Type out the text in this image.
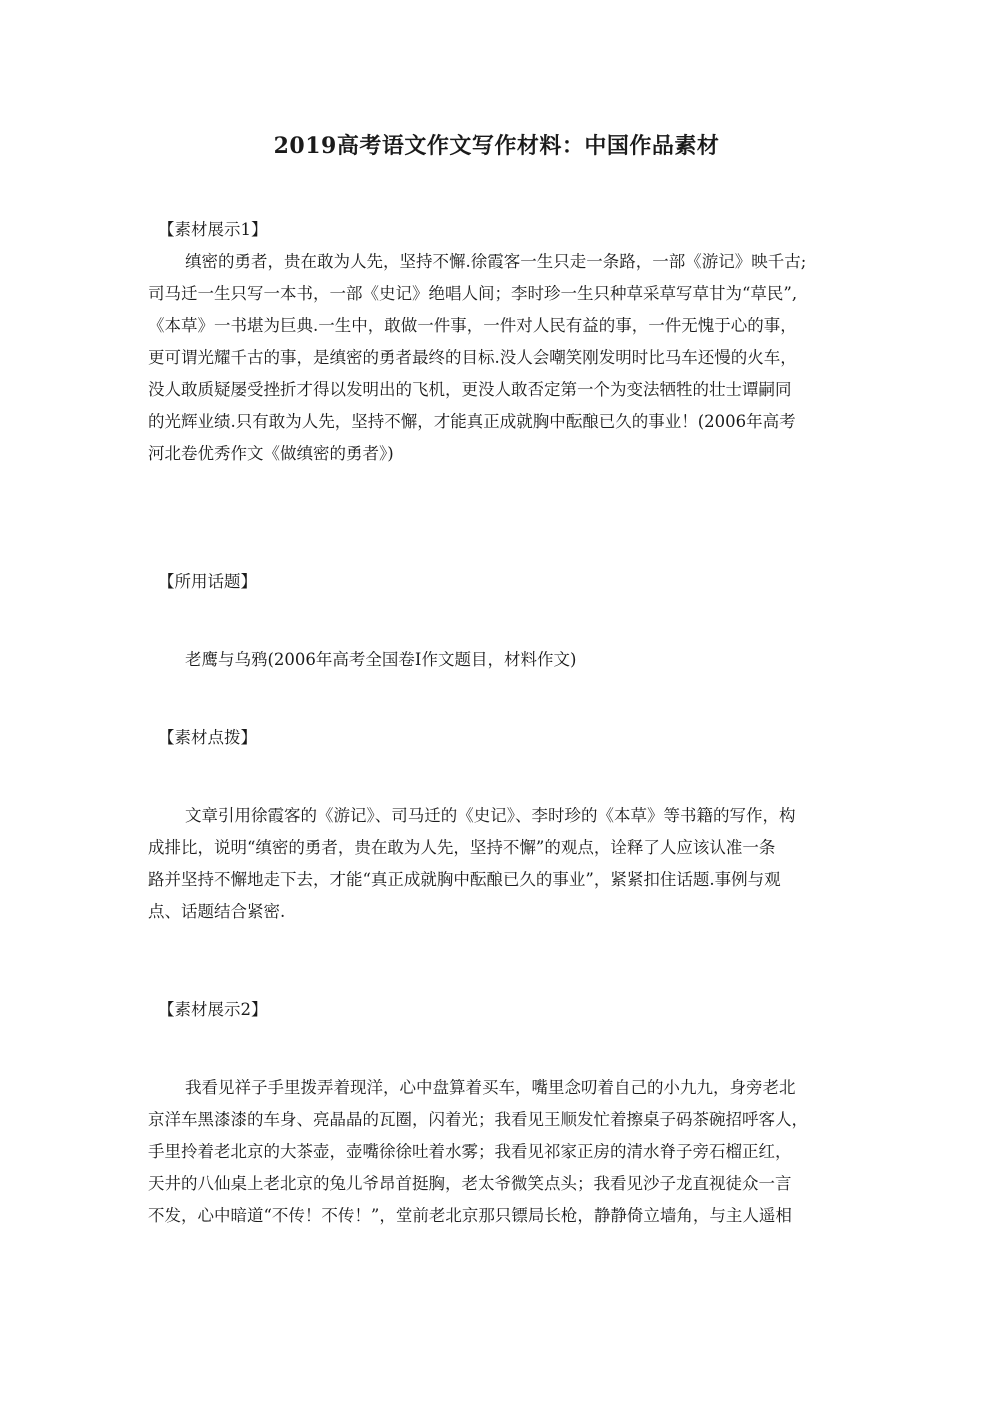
2019高考语文作文写作材料：中国作品素材
【素材展示1】
缜密的勇者，贵在敢为人先，坚持不懈.徐霞客一生只走一条路，一部《游记》映千古;
司马迁一生只写一本书，一部《史记》绝唱人间；李时珍一生只种草采草写草甘为“草民”,
《本草》一书堪为巨典.一生中，敢做一件事，一件对人民有益的事，一件无愧于心的事，
更可谓光耀千古的事，是缜密的勇者最终的目标.没人会嘲笑刚发明时比马车还慢的火车，
没人敢质疑屡受挫折才得以发明出的飞机，更没人敢否定第一个为变法牺牲的壮士谭嗣同
的光辉业绩.只有敢为人先，坚持不懈，才能真正成就胸中酝酿已久的事业！(2006年高考
河北卷优秀作文《做缜密的勇者》)
【所用话题】
老鹰与乌鸦(2006年高考全国卷Ⅰ作文题目，材料作文)
【素材点拨】
文章引用徐霞客的《游记》、司马迁的《史记》、李时珍的《本草》等书籍的写作，构
成排比，说明“缜密的勇者，贵在敢为人先，坚持不懈”的观点，诠释了人应该认准一条
路并坚持不懈地走下去，才能“真正成就胸中酝酿已久的事业”，紧紧扣住话题.事例与观
点、话题结合紧密.
【素材展示2】
我看见祥子手里拨弄着现洋，心中盘算着买车，嘴里念叨着自己的小九九，身旁老北
京洋车黑漆漆的车身、亮晶晶的瓦圈，闪着光；我看见王顺发忙着擦桌子码茶碗招呼客人，
手里拎着老北京的大茶壶，壶嘴徐徐吐着水雾；我看见祁家正房的清水脊子旁石榴正红，
天井的八仙桌上老北京的兔儿爷昂首挺胸，老太爷微笑点头；我看见沙子龙直视徒众一言
不发，心中暗道“不传！不传！”，堂前老北京那只镖局长枪，静静倚立墙角，与主人遥相
